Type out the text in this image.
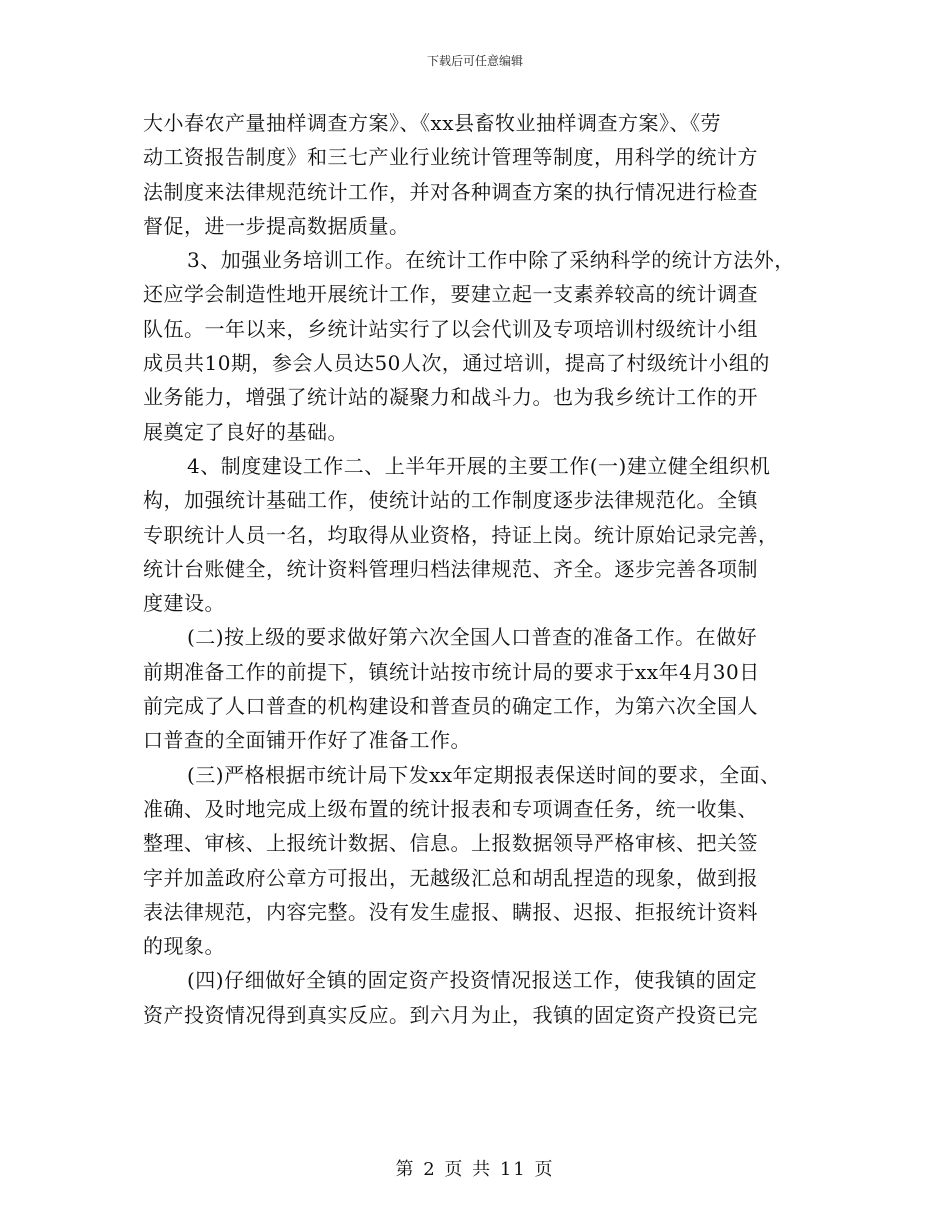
下载后可任意编辑
大小春农产量抽样调查方案》、《xx县畜牧业抽样调查方案》、《劳
动工资报告制度》和三七产业行业统计管理等制度，用科学的统计方
法制度来法律规范统计工作，并对各种调查方案的执行情况进行检查
督促，进一步提高数据质量。
3、加强业务培训工作。在统计工作中除了采纳科学的统计方法外，
还应学会制造性地开展统计工作，要建立起一支素养较高的统计调查
队伍。一年以来，乡统计站实行了以会代训及专项培训村级统计小组
成员共10期，参会人员达50人次，通过培训，提高了村级统计小组的
业务能力，增强了统计站的凝聚力和战斗力。也为我乡统计工作的开
展奠定了良好的基础。
4、制度建设工作二、上半年开展的主要工作(一)建立健全组织机
构，加强统计基础工作，使统计站的工作制度逐步法律规范化。全镇
专职统计人员一名，均取得从业资格，持证上岗。统计原始记录完善，
统计台账健全，统计资料管理归档法律规范、齐全。逐步完善各项制
度建设。
(二)按上级的要求做好第六次全国人口普查的准备工作。在做好
前期准备工作的前提下，镇统计站按市统计局的要求于xx年4月30日
前完成了人口普查的机构建设和普查员的确定工作，为第六次全国人
口普查的全面铺开作好了准备工作。
(三)严格根据市统计局下发xx年定期报表保送时间的要求，全面、
准确、及时地完成上级布置的统计报表和专项调查任务，统一收集、
整理、审核、上报统计数据、信息。上报数据领导严格审核、把关签
字并加盖政府公章方可报出，无越级汇总和胡乱捏造的现象，做到报
表法律规范，内容完整。没有发生虚报、瞒报、迟报、拒报统计资料
的现象。
(四)仔细做好全镇的固定资产投资情况报送工作，使我镇的固定
资产投资情况得到真实反应。到六月为止，我镇的固定资产投资已完
第 2 页 共 11 页
